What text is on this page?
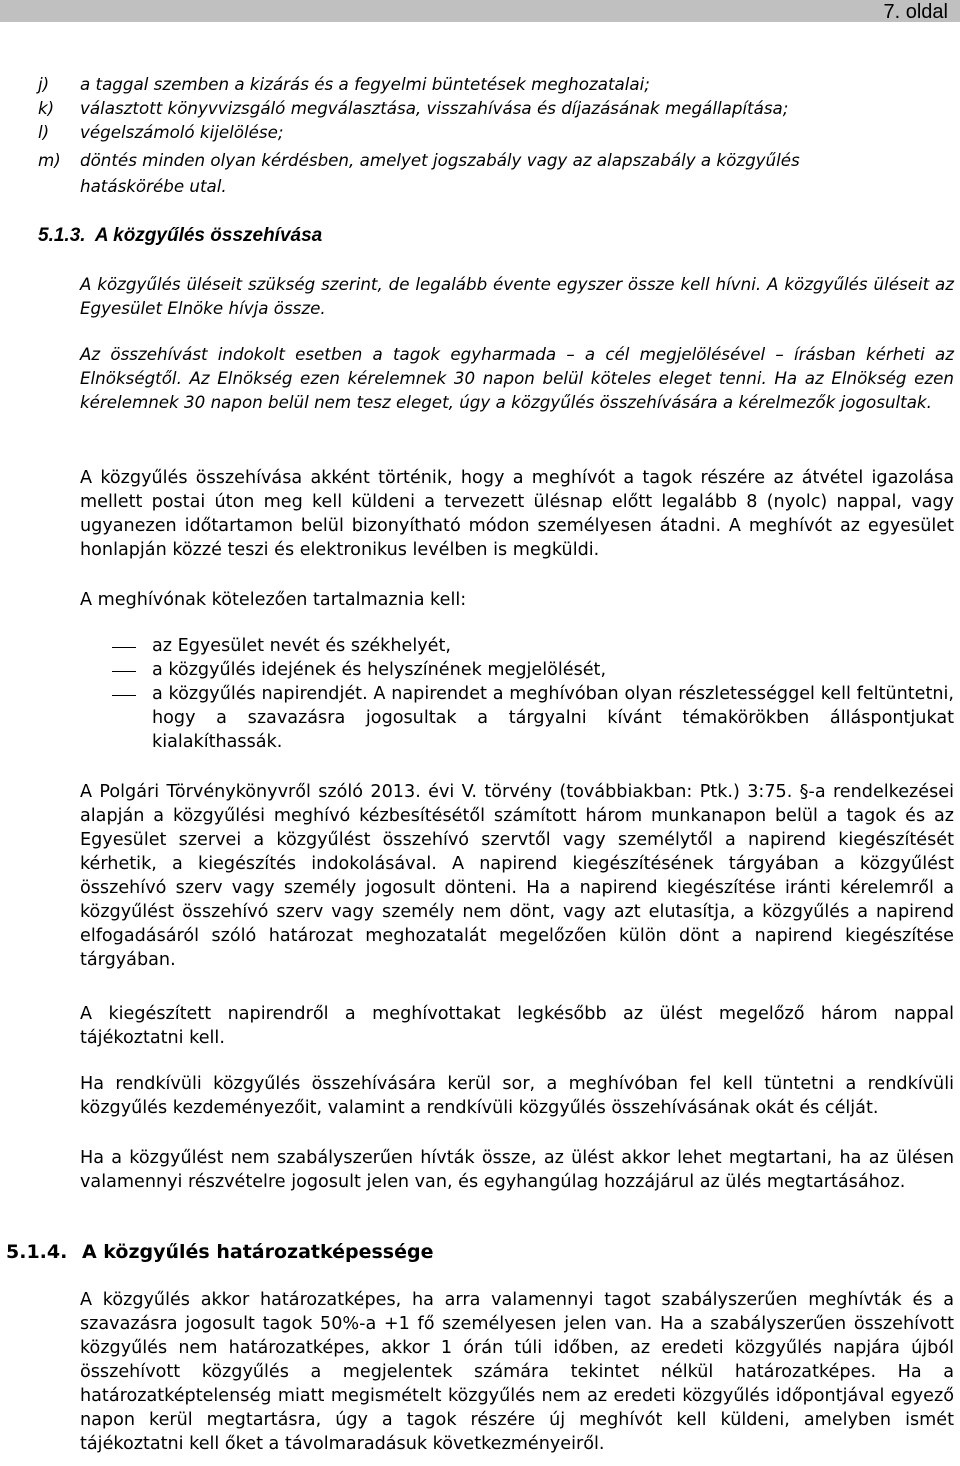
7. oldal
j) a taggal szemben a kizárás és a fegyelmi büntetések meghozatalai;
k) választott könyvvizsgáló megválasztása, visszahívása és díjazásának megállapítása;
l) végelszámoló kijelölése;
m) döntés minden olyan kérdésben, amelyet jogszabály vagy az alapszabály a közgyűlés
hatáskörébe utal.
5.1.3. A közgyűlés összehívása

A közgyűlés üléseit szükség szerint, de legalább évente egyszer össze kell hívni. A közgyűlés üléseit az Egyesület Elnöke hívja össze.

Az összehívást indokolt esetben a tagok egyharmada – a cél megjelölésével – írásban kérheti az Elnökségtől. Az Elnökség ezen kérelemnek 30 napon belül köteles eleget tenni. Ha az Elnökség ezen kérelemnek 30 napon belül nem tesz eleget, úgy a közgyűlés összehívására a kérelmezők jogosultak.

A közgyűlés összehívása akként történik, hogy a meghívót a tagok részére az átvétel igazolása mellett postai úton meg kell küldeni a tervezett ülésnap előtt legalább 8 (nyolc) nappal, vagy ugyanezen időtartamon belül bizonyítható módon személyesen átadni. A meghívót az egyesület honlapján közzé teszi és elektronikus levélben is megküldi.

A meghívónak kötelezően tartalmaznia kell:

az Egyesület nevét és székhelyét,
a közgyűlés idejének és helyszínének megjelölését,
a közgyűlés napirendjét. A napirendet a meghívóban olyan részletességgel kell feltüntetni, hogy a szavazásra jogosultak a tárgyalni kívánt témakörökben álláspontjukat kialakíthassák.

A Polgári Törvénykönyvről szóló 2013. évi V. törvény (továbbiakban: Ptk.) 3:75. §-a rendelkezései alapján a közgyűlési meghívó kézbesítésétől számított három munkanapon belül a tagok és az Egyesület szervei a közgyűlést összehívó szervtől vagy személytől a napirend kiegészítését kérhetik, a kiegészítés indokolásával. A napirend kiegészítésének tárgyában a közgyűlést összehívó szerv vagy személy jogosult dönteni. Ha a napirend kiegészítése iránti kérelemről a közgyűlést összehívó szerv vagy személy nem dönt, vagy azt elutasítja, a közgyűlés a napirend elfogadásáról szóló határozat meghozatalát megelőzően külön dönt a napirend kiegészítése tárgyában.

A kiegészített napirendről a meghívottakat legkésőbb az ülést megelőző három nappal tájékoztatni kell.

Ha rendkívüli közgyűlés összehívására kerül sor, a meghívóban fel kell tüntetni a rendkívüli közgyűlés kezdeményezőit, valamint a rendkívüli közgyűlés összehívásának okát és célját.

Ha a közgyűlést nem szabályszerűen hívták össze, az ülést akkor lehet megtartani, ha az ülésen valamennyi részvételre jogosult jelen van, és egyhangúlag hozzájárul az ülés megtartásához.

5.1.4. A közgyűlés határozatképessége

A közgyűlés akkor határozatképes, ha arra valamennyi tagot szabályszerűen meghívták és a szavazásra jogosult tagok 50%-a +1 fő személyesen jelen van. Ha a szabályszerűen összehívott közgyűlés nem határozatképes, akkor 1 órán túli időben, az eredeti közgyűlés napjára újból összehívott közgyűlés a megjelentek számára tekintet nélkül határozatképes. Ha a határozatképtelenség miatt megismételt közgyűlés nem az eredeti közgyűlés időpontjával egyező napon kerül megtartásra, úgy a tagok részére új meghívót kell küldeni, amelyben ismét tájékoztatni kell őket a távolmaradásuk következményeiről.
